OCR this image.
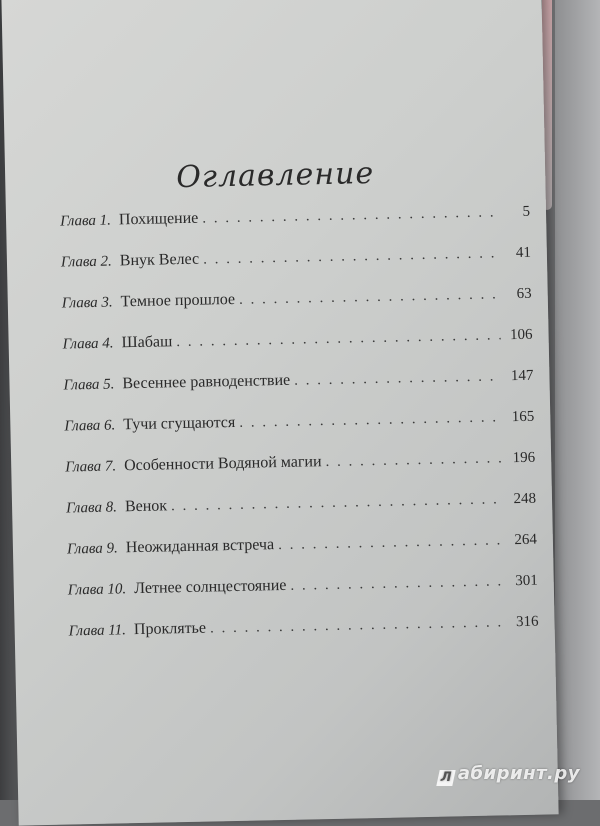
Оглавление
Глава 1. Похищение . . .	5
Глава 2. Внук Велес . . .	41
Глава 3. Темное прошлое . . .	63
Глава 4. Шабаш . . .	106
Глава 5. Весеннее равноденствие . . .	147
Глава 6. Тучи сгущаются . . .	165
Глава 7. Особенности Водяной магии . . .	196
Глава 8. Венок . . .	248
Глава 9. Неожиданная встреча . . .	264
Глава 10. Летнее солнцестояние . . .	301
Глава 11. Проклятье . . .	316
Л абиринт.ру
